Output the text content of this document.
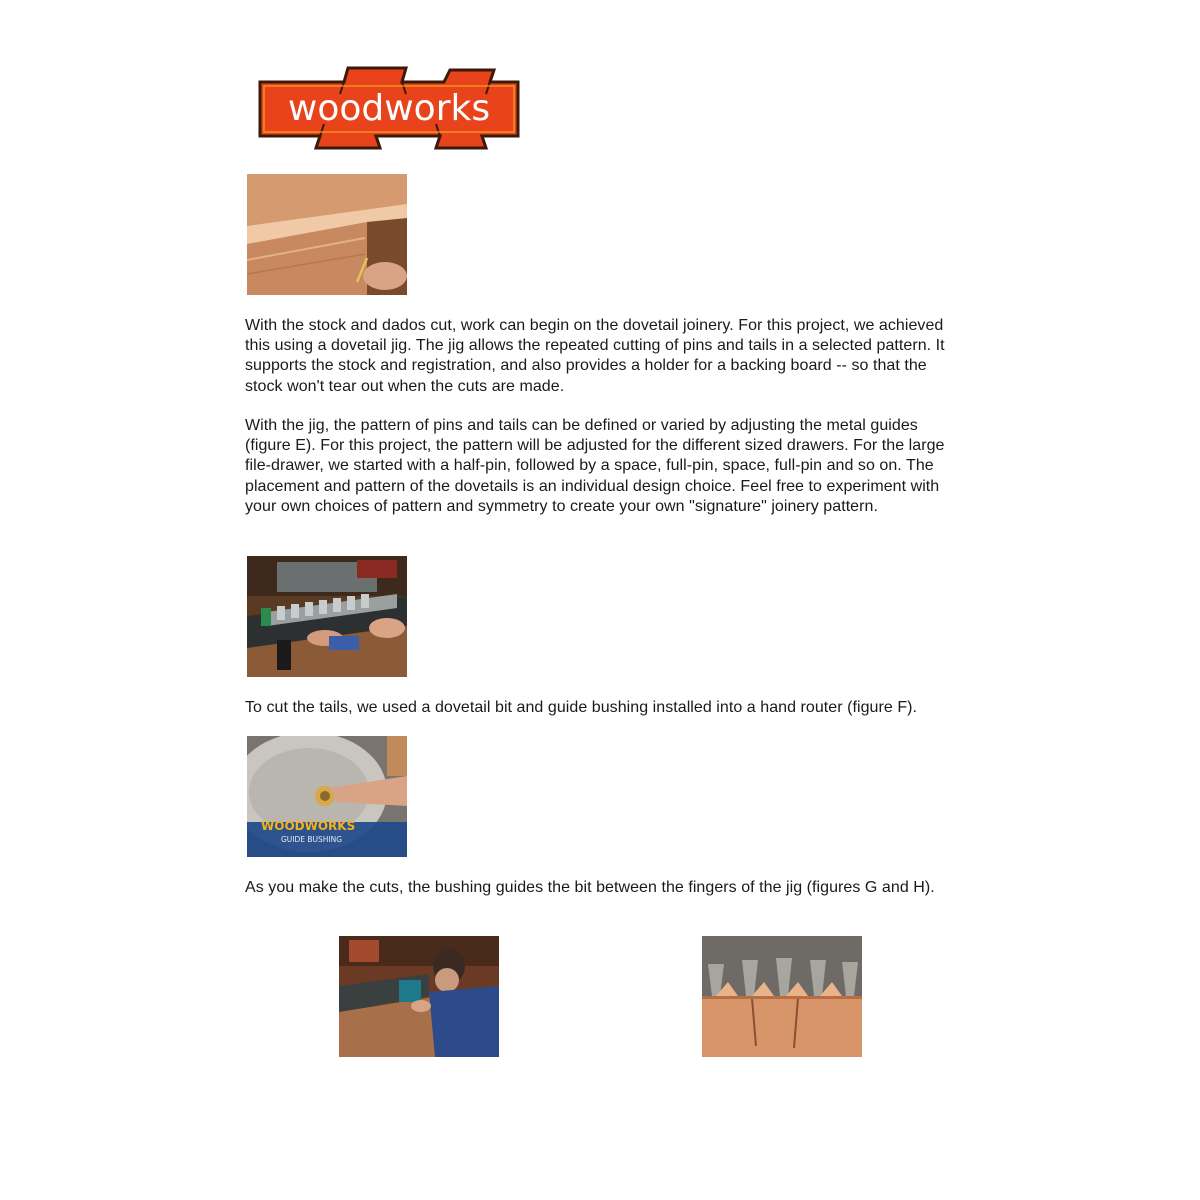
woodworks

With the stock and dados cut, work can begin on the dovetail joinery. For this project, we achieved this using a dovetail jig. The jig allows the repeated cutting of pins and tails in a selected pattern. It supports the stock and registration, and also provides a holder for a backing board -- so that the stock won't tear out when the cuts are made.

With the jig, the pattern of pins and tails can be defined or varied by adjusting the metal guides (figure E). For this project, the pattern will be adjusted for the different sized drawers. For the large file-drawer, we started with a half-pin, followed by a space, full-pin, space, full-pin and so on. The placement and pattern of the dovetails is an individual design choice. Feel free to experiment with your own choices of pattern and symmetry to create your own "signature" joinery pattern.

To cut the tails, we used a dovetail bit and guide bushing installed into a hand router (figure F).

WOODWORKS
GUIDE BUSHING

As you make the cuts, the bushing guides the bit between the fingers of the jig (figures G and H).
